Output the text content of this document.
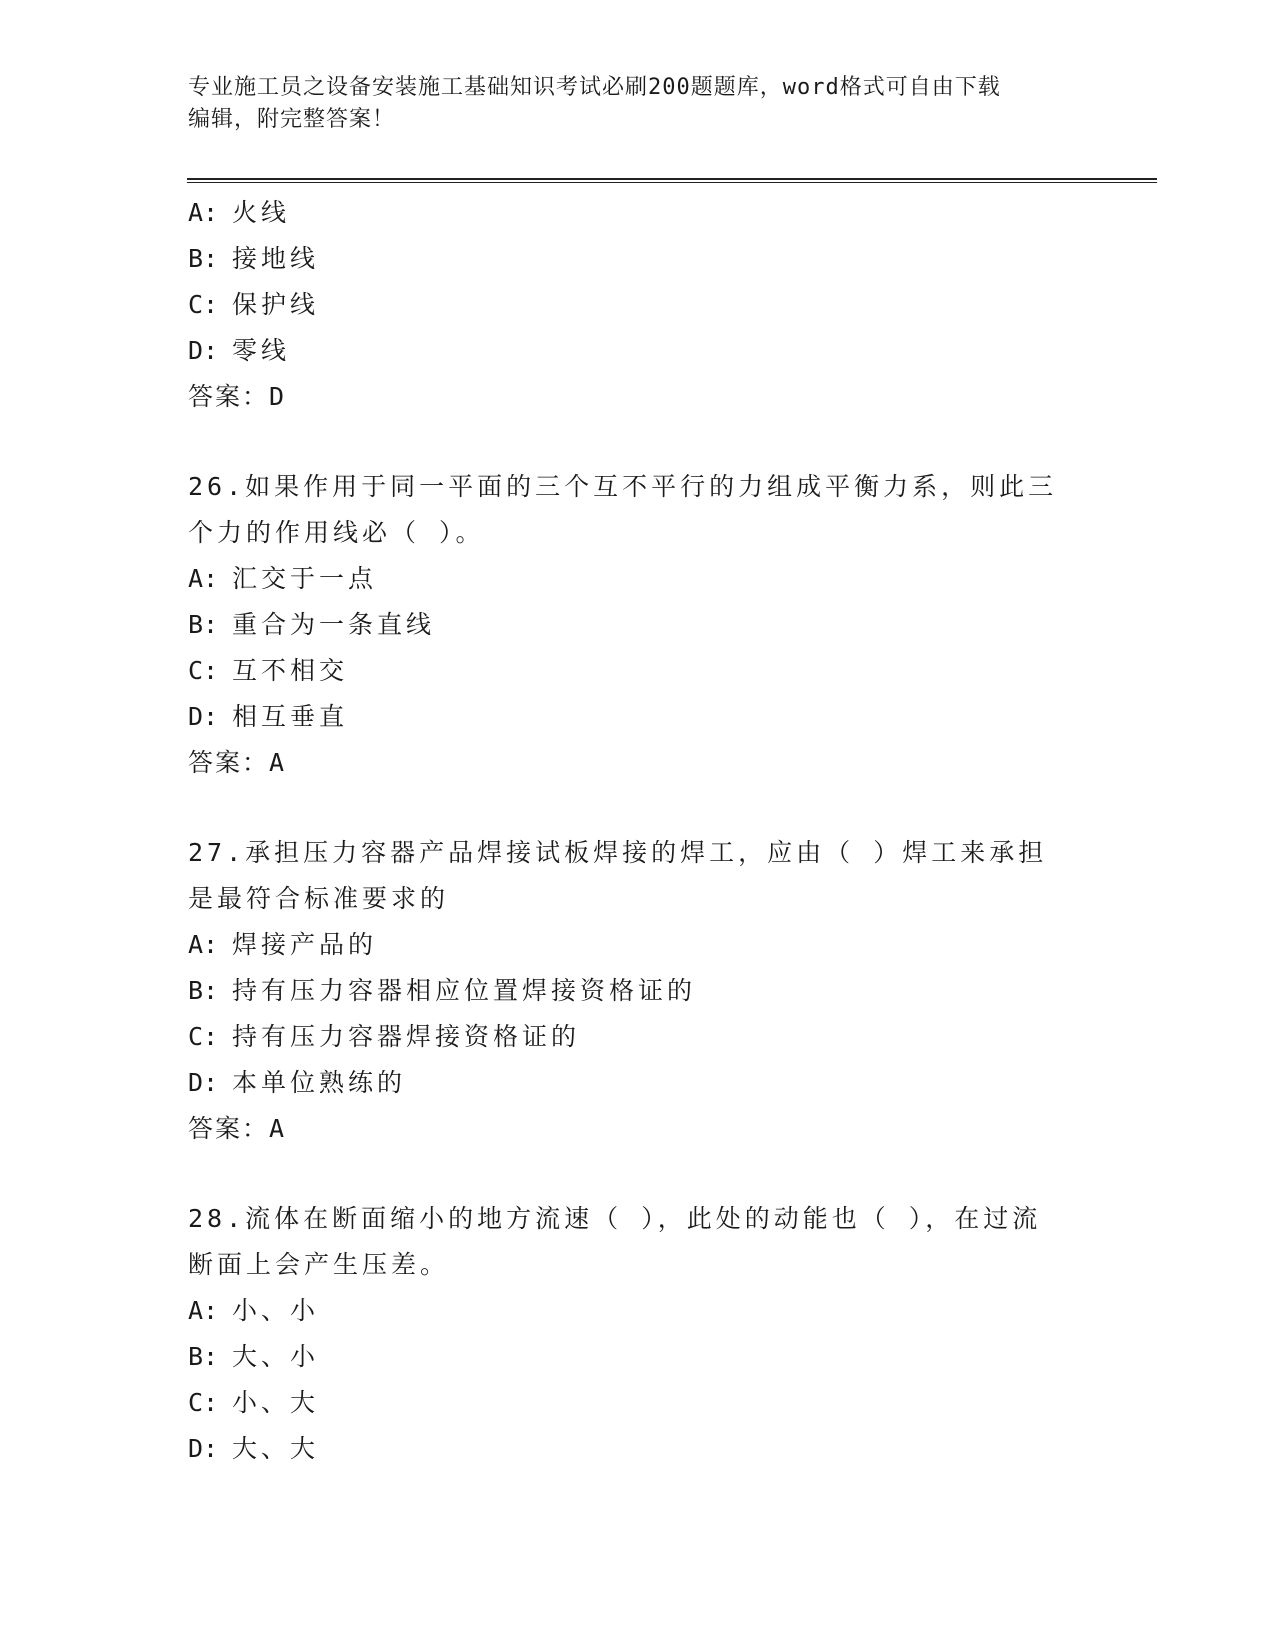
专业施工员之设备安装施工基础知识考试必刷200题题库，word格式可自由下载
编辑，附完整答案！
A: 火线
B: 接地线
C: 保护线
D: 零线
答案：D
26.如果作用于同一平面的三个互不平行的力组成平衡力系，则此三个力的作用线必（ ）。
A: 汇交于一点
B: 重合为一条直线
C: 互不相交
D: 相互垂直
答案：A
27.承担压力容器产品焊接试板焊接的焊工，应由（ ）焊工来承担是最符合标准要求的
A: 焊接产品的
B: 持有压力容器相应位置焊接资格证的
C: 持有压力容器焊接资格证的
D: 本单位熟练的
答案：A
28.流体在断面缩小的地方流速（ ），此处的动能也（ ），在过流断面上会产生压差。
A: 小、小
B: 大、小
C: 小、大
D: 大、大
